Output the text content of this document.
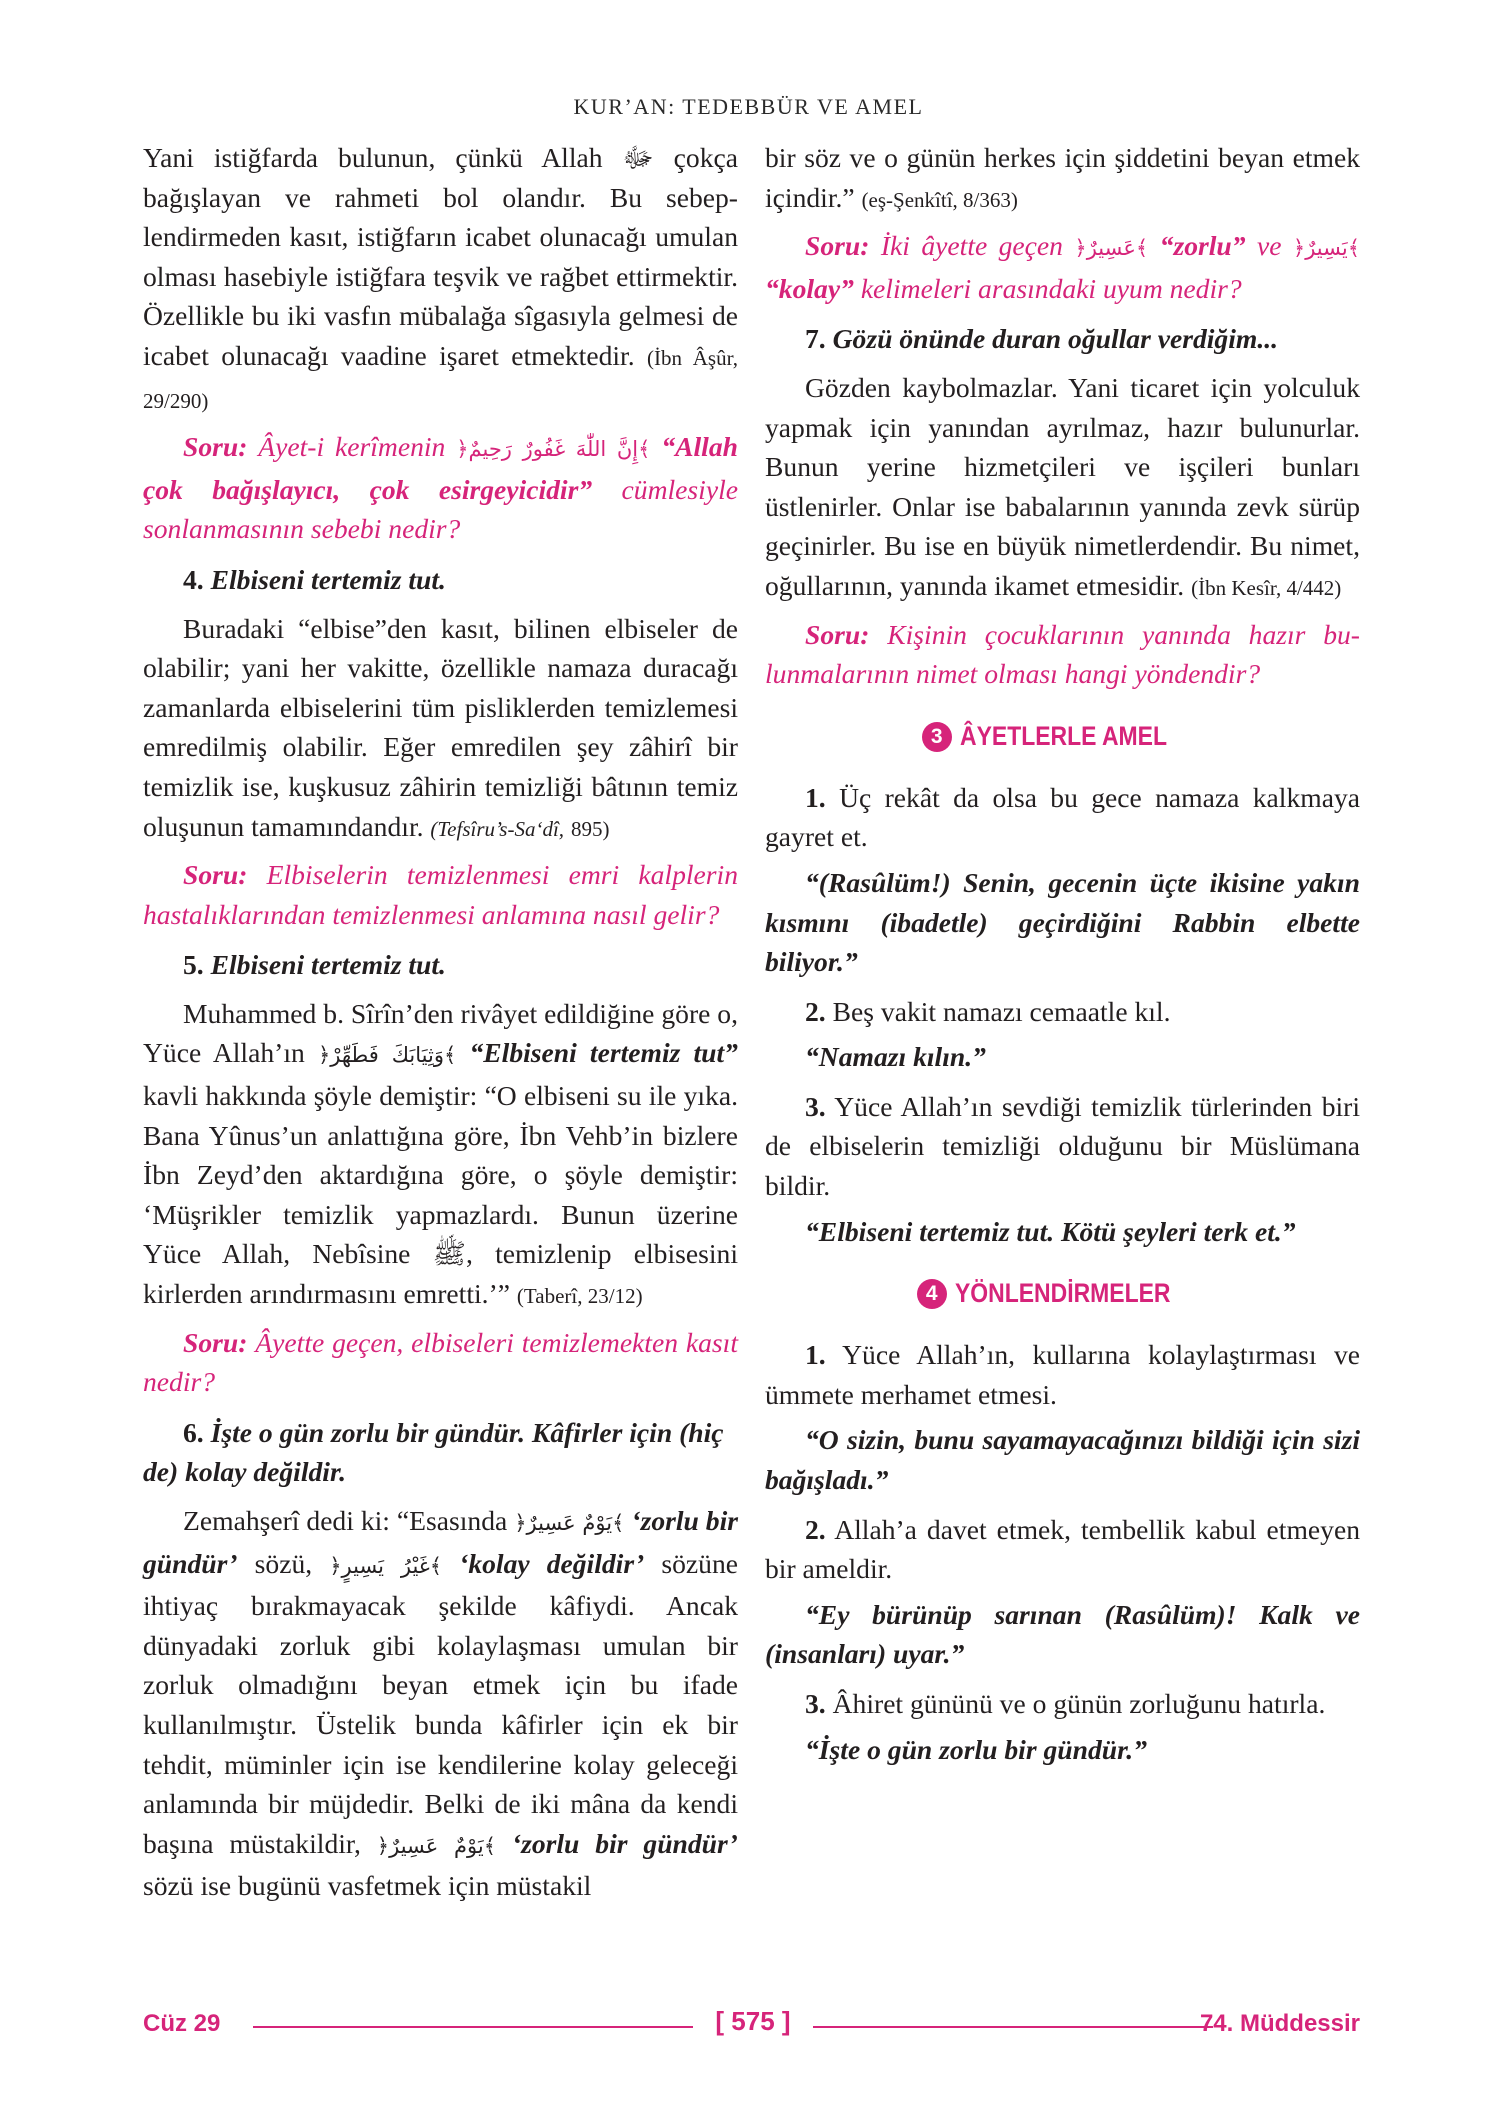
KUR’AN: TEDEBBÜR VE AMEL

Yani istiğfarda bulunun, çünkü Allah ﷻ çokça bağışlayan ve rahmeti bol olandır. Bu sebeplendirmeden kasıt, istiğfarın icabet olunacağı umulan olması hasebiyle istiğfara teşvik ve rağbet ettirmektir. Özellikle bu iki vasfın mübalağa sîgasıyla gelmesi de icabet olunacağı vaadine işaret etmektedir. (İbn Âşûr, 29/290)

Soru: Âyet-i kerîmenin ﴿إِنَّ اللّٰهَ غَفُورٌ رَحِيمٌ﴾ “Allah çok bağışlayıcı, çok esirgeyicidir” cümlesiyle sonlanmasının sebebi nedir?

4. Elbiseni tertemiz tut.

Buradaki “elbise”den kasıt, bilinen elbiseler de olabilir; yani her vakitte, özellikle namaza duracağı zamanlarda elbiselerini tüm pisliklerden temizlemesi emredilmiş olabilir. Eğer emredilen şey zâhirî bir temizlik ise, kuşkusuz zâhirin temizliği bâtının temiz oluşunun tamamındandır. (Tefsîru’s-Sa‘dî, 895)

Soru: Elbiselerin temizlenmesi emri kalplerin hastalıklarından temizlenmesi anlamına nasıl gelir?

5. Elbiseni tertemiz tut.

Muhammed b. Sîrîn’den rivâyet edildiğine göre o, Yüce Allah’ın ﴿وَثِيَابَكَ فَطَهِّرْ﴾ “Elbiseni tertemiz tut” kavli hakkında şöyle demiştir: “O elbiseni su ile yıka. Bana Yûnus’un anlattığına göre, İbn Vehb’in bizlere İbn Zeyd’den aktardığına göre, o şöyle demiştir: ‘Müşrikler temizlik yapmazlardı. Bunun üzerine Yüce Allah, Nebîsine ﷺ, temizlenip elbisesini kirlerden arındırmasını emretti.’” (Taberî, 23/12)

Soru: Âyette geçen, elbiseleri temizlemekten kasıt nedir?

6. İşte o gün zorlu bir gündür. Kâfirler için (hiç de) kolay değildir.

Zemahşerî dedi ki: “Esasında ﴿يَوْمٌ عَسِيرٌ﴾ ‘zorlu bir gündür’ sözü, ﴿غَيْرُ يَسِيرٍ﴾ ‘kolay değildir’ sözüne ihtiyaç bırakmayacak şekilde kâfiydi. Ancak dünyadaki zorluk gibi kolaylaşması umulan bir zorluk olmadığını beyan etmek için bu ifade kullanılmıştır. Üstelik bunda kâfirler için ek bir tehdit, müminler için ise kendilerine kolay geleceği anlamında bir müjdedir. Belki de iki mâna da kendi başına müstakildir, ﴿يَوْمٌ عَسِيرٌ﴾ ‘zorlu bir gündür’ sözü ise bugünü vasfetmek için müstakil

bir söz ve o günün herkes için şiddetini beyan etmek içindir.” (eş-Şenkîtî, 8/363)

Soru: İki âyette geçen ﴿عَسِيرٌ﴾ “zorlu” ve ﴿يَسِيرٌ﴾ “kolay” kelimeleri arasındaki uyum nedir?

7. Gözü önünde duran oğullar verdiğim...

Gözden kaybolmazlar. Yani ticaret için yolculuk yapmak için yanından ayrılmaz, hazır bulunurlar. Bunun yerine hizmetçileri ve işçileri bunları üstlenirler. Onlar ise babalarının yanında zevk sürüp geçinirler. Bu ise en büyük nimetlerdendir. Bu nimet, oğullarının, yanında ikamet etmesidir. (İbn Kesîr, 4/442)

Soru: Kişinin çocuklarının yanında hazır bulunmalarının nimet olması hangi yöndendir?

3 ÂYETLERLE AMEL

1. Üç rekât da olsa bu gece namaza kalkmaya gayret et.

“(Rasûlüm!) Senin, gecenin üçte ikisine yakın kısmını (ibadetle) geçirdiğini Rabbin elbette biliyor.”

2. Beş vakit namazı cemaatle kıl.

“Namazı kılın.”

3. Yüce Allah’ın sevdiği temizlik türlerinden biri de elbiselerin temizliği olduğunu bir Müslümana bildir.

“Elbiseni tertemiz tut. Kötü şeyleri terk et.”

4 YÖNLENDİRMELER

1. Yüce Allah’ın, kullarına kolaylaştırması ve ümmete merhamet etmesi.

“O sizin, bunu sayamayacağınızı bildiği için sizi bağışladı.”

2. Allah’a davet etmek, tembellik kabul etmeyen bir ameldir.

“Ey bürünüp sarınan (Rasûlüm)! Kalk ve (insanları) uyar.”

3. Âhiret gününü ve o günün zorluğunu hatırla.

“İşte o gün zorlu bir gündür.”

Cüz 29	[ 575 ]	74. Müddessir
